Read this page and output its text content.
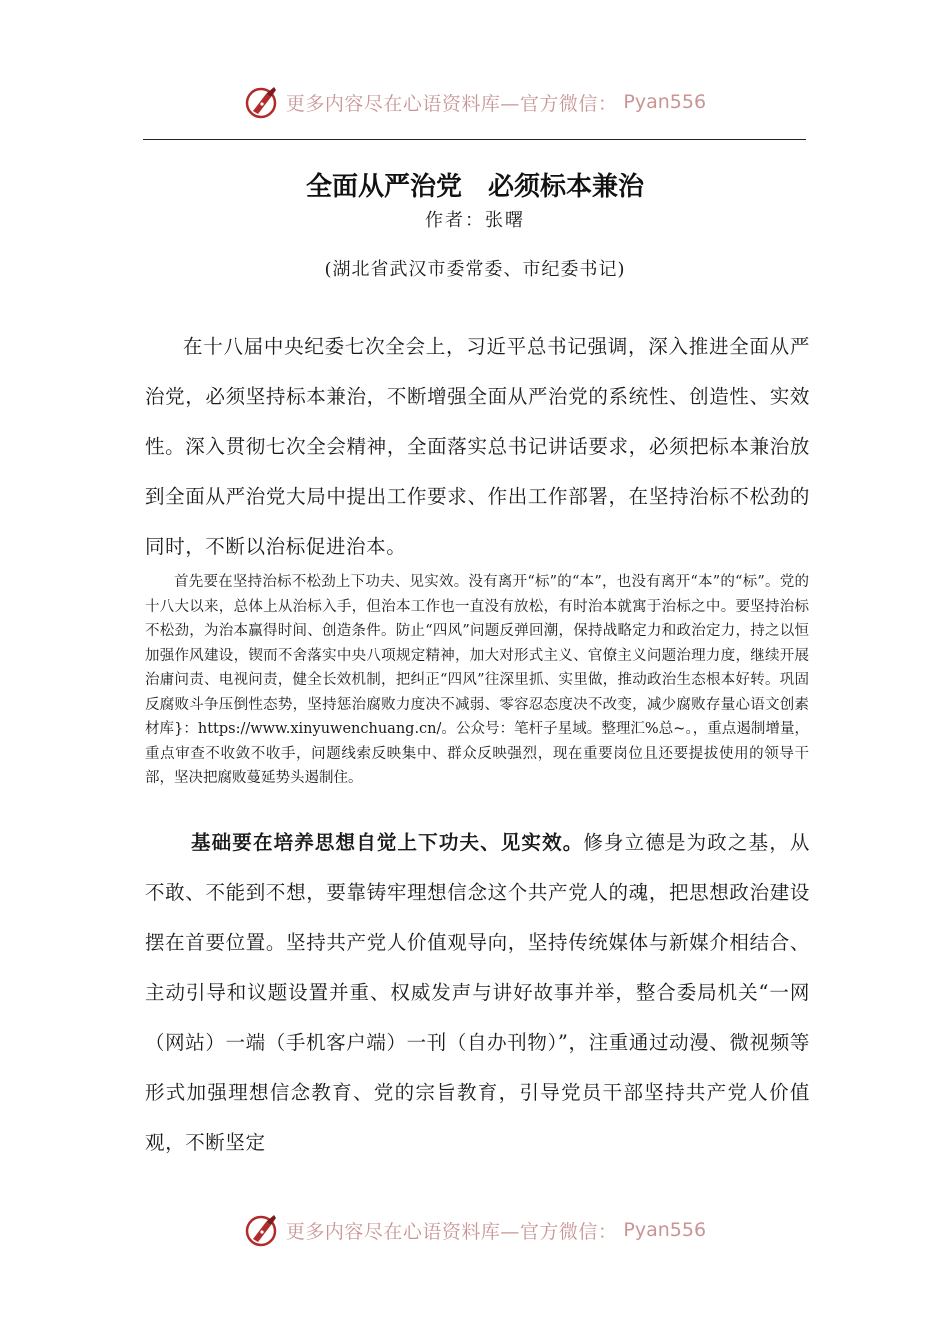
更多内容尽在心语资料库—官方微信： Pyan556
全面从严治党　必须标本兼治
作者：张曙
(湖北省武汉市委常委、市纪委书记)

在十八届中央纪委七次全会上，习近平总书记强调，深入推进全面从严治党，必须坚持标本兼治，不断增强全面从严治党的系统性、创造性、实效性。深入贯彻七次全会精神，全面落实总书记讲话要求，必须把标本兼治放到全面从严治党大局中提出工作要求、作出工作部署，在坚持治标不松劲的同时，不断以治标促进治本。

首先要在坚持治标不松劲上下功夫、见实效。没有离开“标”的“本”，也没有离开“本”的“标”。党的十八大以来，总体上从治标入手，但治本工作也一直没有放松，有时治本就寓于治标之中。要坚持治标不松劲，为治本赢得时间、创造条件。防止“四风”问题反弹回潮，保持战略定力和政治定力，持之以恒加强作风建设，锲而不舍落实中央八项规定精神，加大对形式主义、官僚主义问题治理力度，继续开展治庸问责、电视问责，健全长效机制，把纠正“四风”往深里抓、实里做，推动政治生态根本好转。巩固反腐败斗争压倒性态势，坚持惩治腐败力度决不减弱、零容忍态度决不改变，减少腐败存量心语文创素材库}：https://www.xinyuwenchuang.cn/。公众号：笔杆子星域。整理汇%总~。，重点遏制增量，重点审查不收敛不收手，问题线索反映集中、群众反映强烈，现在重要岗位且还要提拔使用的领导干部，坚决把腐败蔓延势头遏制住。

基础要在培养思想自觉上下功夫、见实效。修身立德是为政之基，从不敢、不能到不想，要靠铸牢理想信念这个共产党人的魂，把思想政治建设摆在首要位置。坚持共产党人价值观导向，坚持传统媒体与新媒介相结合、主动引导和议题设置并重、权威发声与讲好故事并举，整合委局机关“一网（网站）一端（手机客户端）一刊（自办刊物）”，注重通过动漫、微视频等形式加强理想信念教育、党的宗旨教育，引导党员干部坚持共产党人价值观，不断坚定

更多内容尽在心语资料库—官方微信： Pyan556
